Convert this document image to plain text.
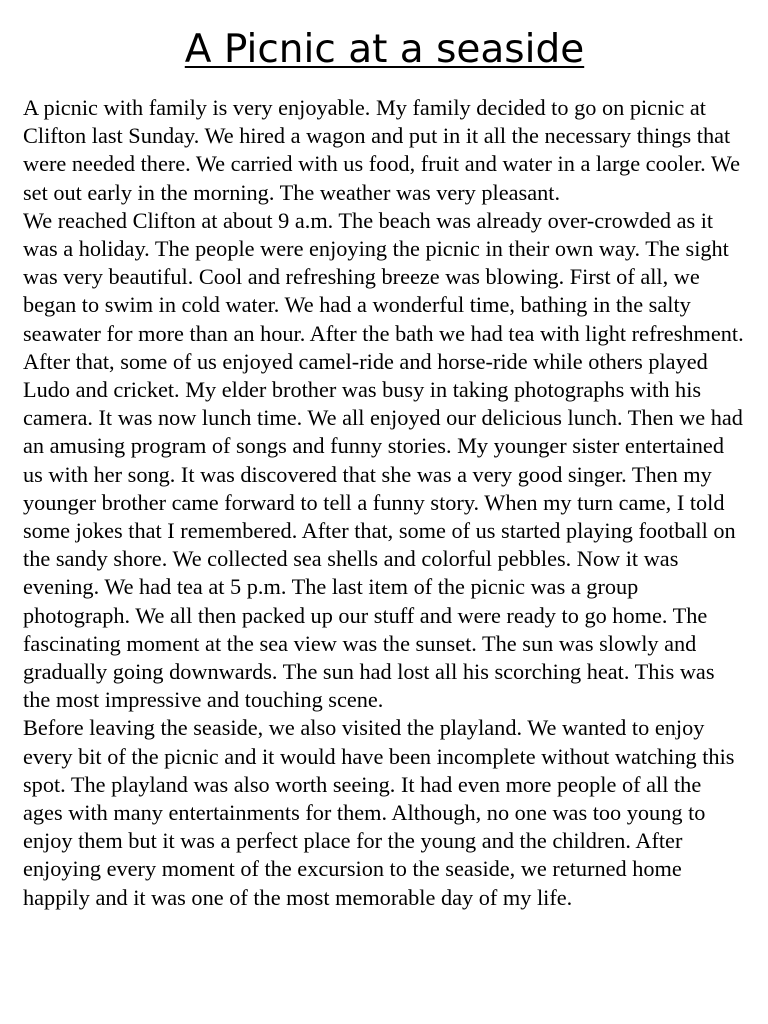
A Picnic at a seaside

A picnic with family is very enjoyable. My family decided to go on picnic at Clifton last Sunday. We hired a wagon and put in it all the necessary things that were needed there. We carried with us food, fruit and water in a large cooler. We set out early in the morning. The weather was very pleasant.

We reached Clifton at about 9 a.m. The beach was already over-crowded as it was a holiday. The people were enjoying the picnic in their own way. The sight was very beautiful. Cool and refreshing breeze was blowing. First of all, we began to swim in cold water. We had a wonderful time, bathing in the salty seawater for more than an hour. After the bath we had tea with light refreshment. After that, some of us enjoyed camel-ride and horse-ride while others played Ludo and cricket. My elder brother was busy in taking photographs with his camera. It was now lunch time. We all enjoyed our delicious lunch. Then we had an amusing program of songs and funny stories. My younger sister entertained us with her song. It was discovered that she was a very good singer. Then my younger brother came forward to tell a funny story. When my turn came, I told some jokes that I remembered. After that, some of us started playing football on the sandy shore. We collected sea shells and colorful pebbles. Now it was evening. We had tea at 5 p.m. The last item of the picnic was a group photograph. We all then packed up our stuff and were ready to go home. The fascinating moment at the sea view was the sunset. The sun was slowly and gradually going downwards. The sun had lost all his scorching heat. This was the most impressive and touching scene.

Before leaving the seaside, we also visited the playland. We wanted to enjoy every bit of the picnic and it would have been incomplete without watching this spot. The playland was also worth seeing. It had even more people of all the ages with many entertainments for them. Although, no one was too young to enjoy them but it was a perfect place for the young and the children. After enjoying every moment of the excursion to the seaside, we returned home happily and it was one of the most memorable day of my life.
